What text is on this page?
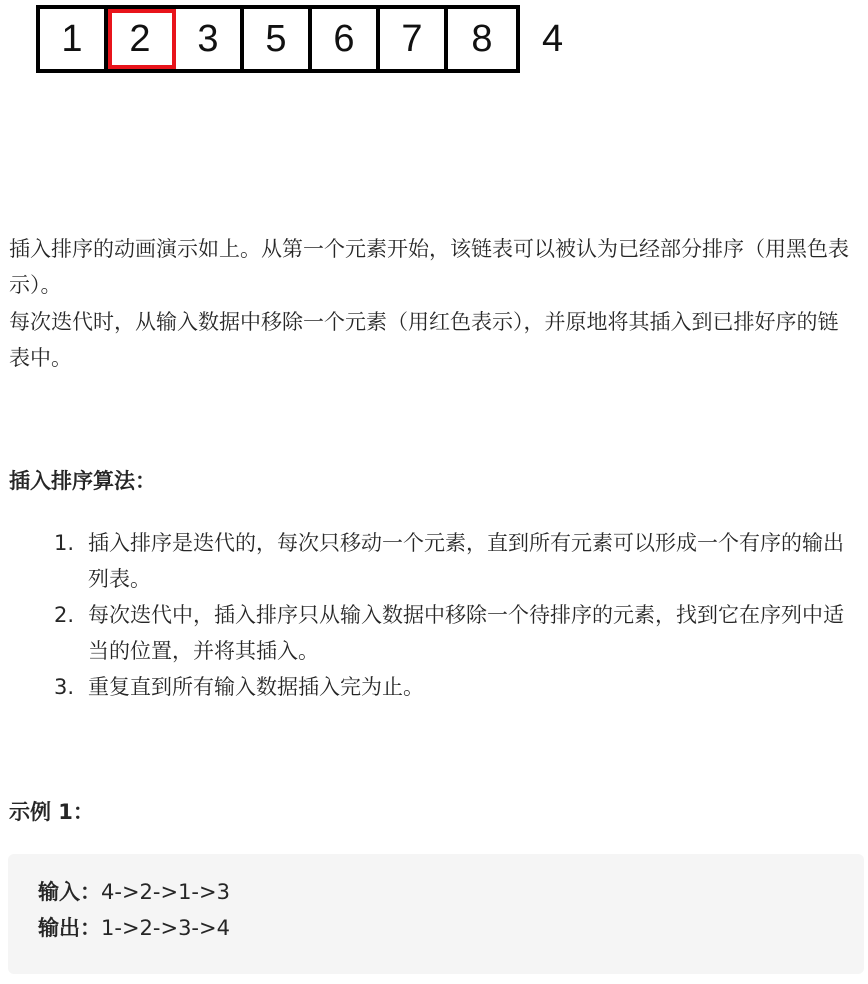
1	2	3	5	6	7	8	4

插入排序的动画演示如上。从第一个元素开始，该链表可以被认为已经部分排序（用黑色表示）。

每次迭代时，从输入数据中移除一个元素（用红色表示），并原地将其插入到已排好序的链表中。

插入排序算法：
1. 插入排序是迭代的，每次只移动一个元素，直到所有元素可以形成一个有序的输出列表。
2. 每次迭代中，插入排序只从输入数据中移除一个待排序的元素，找到它在序列中适当的位置，并将其插入。
3. 重复直到所有输入数据插入完为止。
示例 1：
输入：4->2->1->3
输出：1->2->3->4
